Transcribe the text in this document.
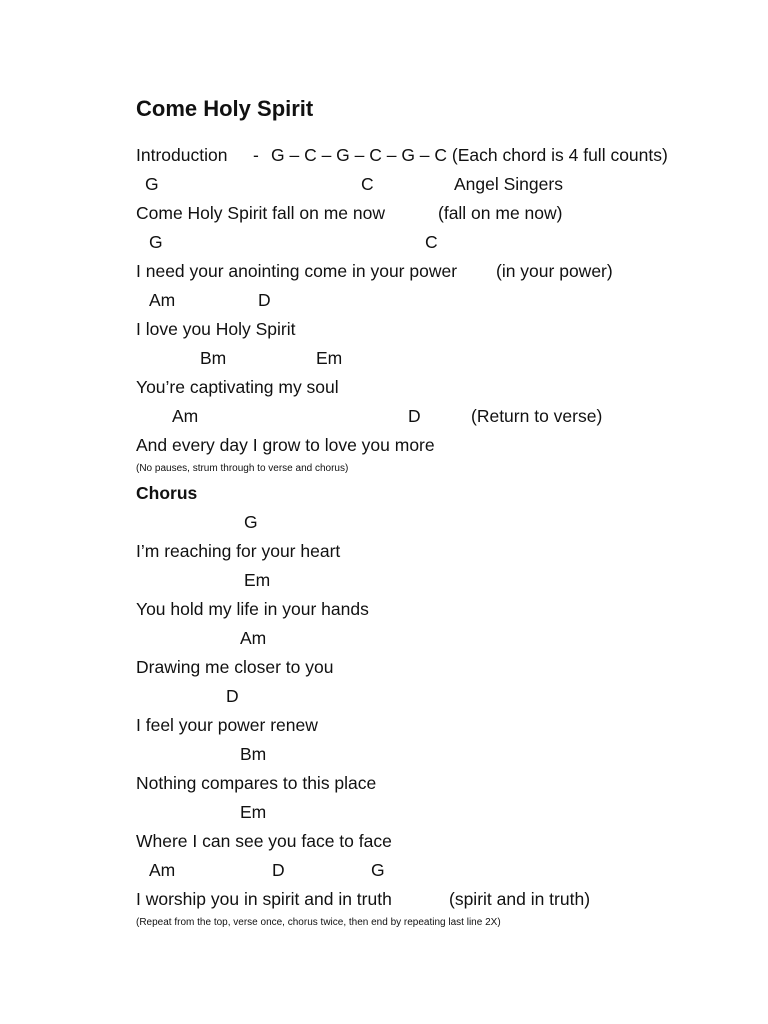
Come Holy Spirit
Introduction - G – C – G – C – G – C (Each chord is 4 full counts)
G	C	Angel Singers
Come Holy Spirit fall on me now	(fall on me now)
G	C
I need your anointing come in your power (in your power)
Am	D
I love you Holy Spirit
Bm	Em
You’re captivating my soul
Am	D	(Return to verse)
And every day I grow to love you more
(No pauses, strum through to verse and chorus)
Chorus
G
I’m reaching for your heart
Em
You hold my life in your hands
Am
Drawing me closer to you
D
I feel your power renew
Bm
Nothing compares to this place
Em
Where I can see you face to face
Am	D	G
I worship you in spirit and in truth	(spirit and in truth)
(Repeat from the top, verse once, chorus twice, then end by repeating last line 2X)
